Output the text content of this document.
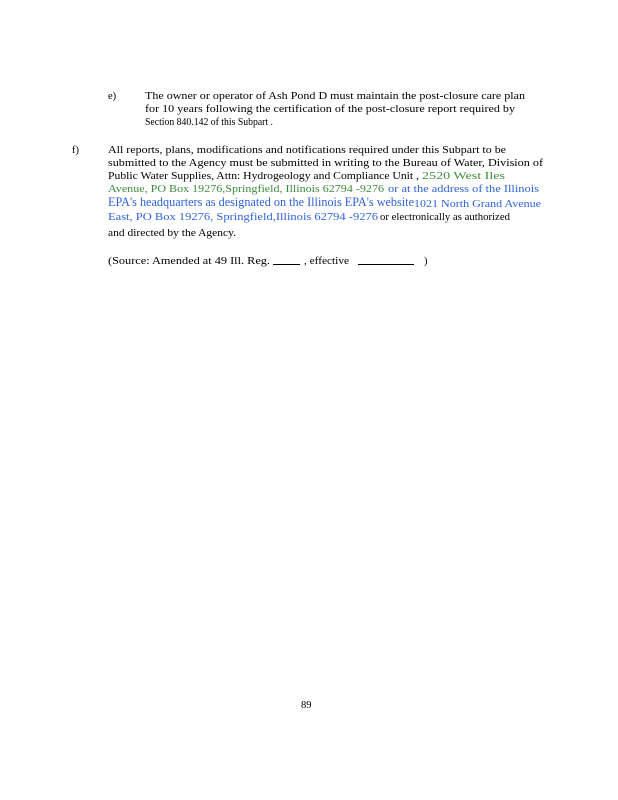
e)	The owner or operator of Ash Pond D must maintain the post-closure care plan
for 10 years following the certification of the post-closure report required by
Section 840.142 of this Subpart .
f)	All reports, plans, modifications and notifications required under this Subpart to be
submitted to the Agency must be submitted in writing to the Bureau of Water, Division of
Public Water Supplies, Attn: Hydrogeology and Compliance Unit , 2520 West Iles
Avenue, PO Box 19276,Springfield, Illinois 62794 -9276 or at the address of the Illinois
EPA's headquarters as designated on the Illinois EPA's website 1021 North Grand Avenue
East, PO Box 19276, Springfield,Illinois 62794 -9276 or electronically as authorized
and directed by the Agency.
(Source: Amended at 49 Ill. Reg.	, effective	)
89
